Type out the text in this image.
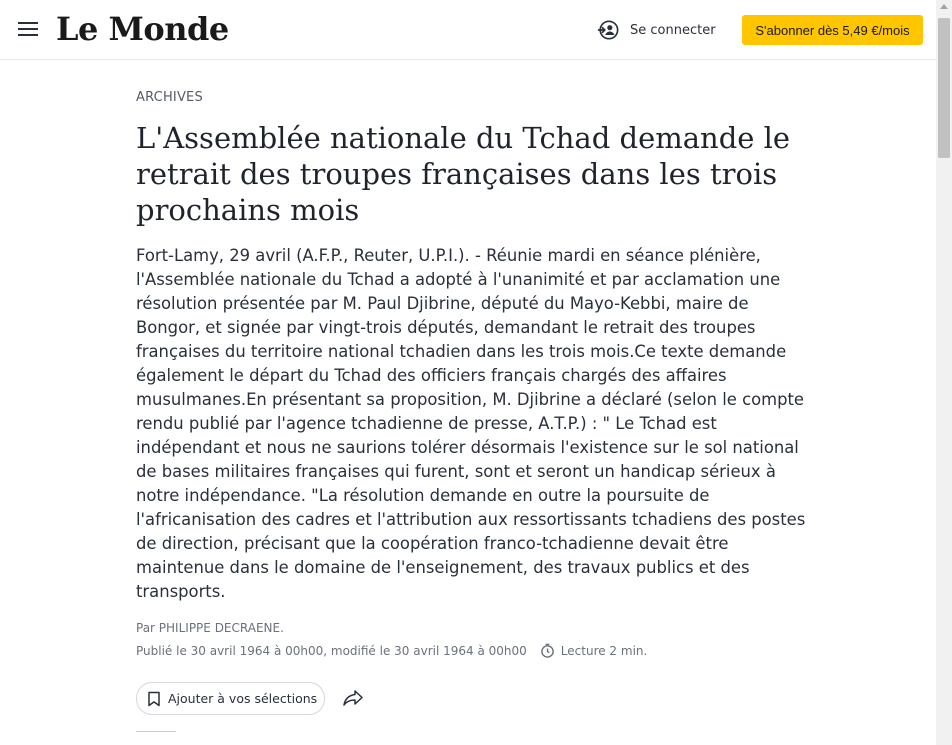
Le Monde	Se connecter	S'abonner dès 5,49 €/mois
ARCHIVES
L'Assemblée nationale du Tchad demande le retrait des troupes françaises dans les trois prochains mois

Fort-Lamy, 29 avril (A.F.P., Reuter, U.P.I.). - Réunie mardi en séance plénière, l'Assemblée nationale du Tchad a adopté à l'unanimité et par acclamation une résolution présentée par M. Paul Djibrine, député du Mayo-Kebbi, maire de Bongor, et signée par vingt-trois députés, demandant le retrait des troupes françaises du territoire national tchadien dans les trois mois.Ce texte demande également le départ du Tchad des officiers français chargés des affaires musulmanes.En présentant sa proposition, M. Djibrine a déclaré (selon le compte rendu publié par l'agence tchadienne de presse, A.T.P.) : " Le Tchad est indépendant et nous ne saurions tolérer désormais l'existence sur le sol national de bases militaires françaises qui furent, sont et seront un handicap sérieux à notre indépendance. "La résolution demande en outre la poursuite de l'africanisation des cadres et l'attribution aux ressortissants tchadiens des postes de direction, précisant que la coopération franco-tchadienne devait être maintenue dans le domaine de l'enseignement, des travaux publics et des transports.

Par PHILIPPE DECRAENE.
Publié le 30 avril 1964 à 00h00, modifié le 30 avril 1964 à 00h00	Lecture 2 min.
Ajouter à vos sélections
